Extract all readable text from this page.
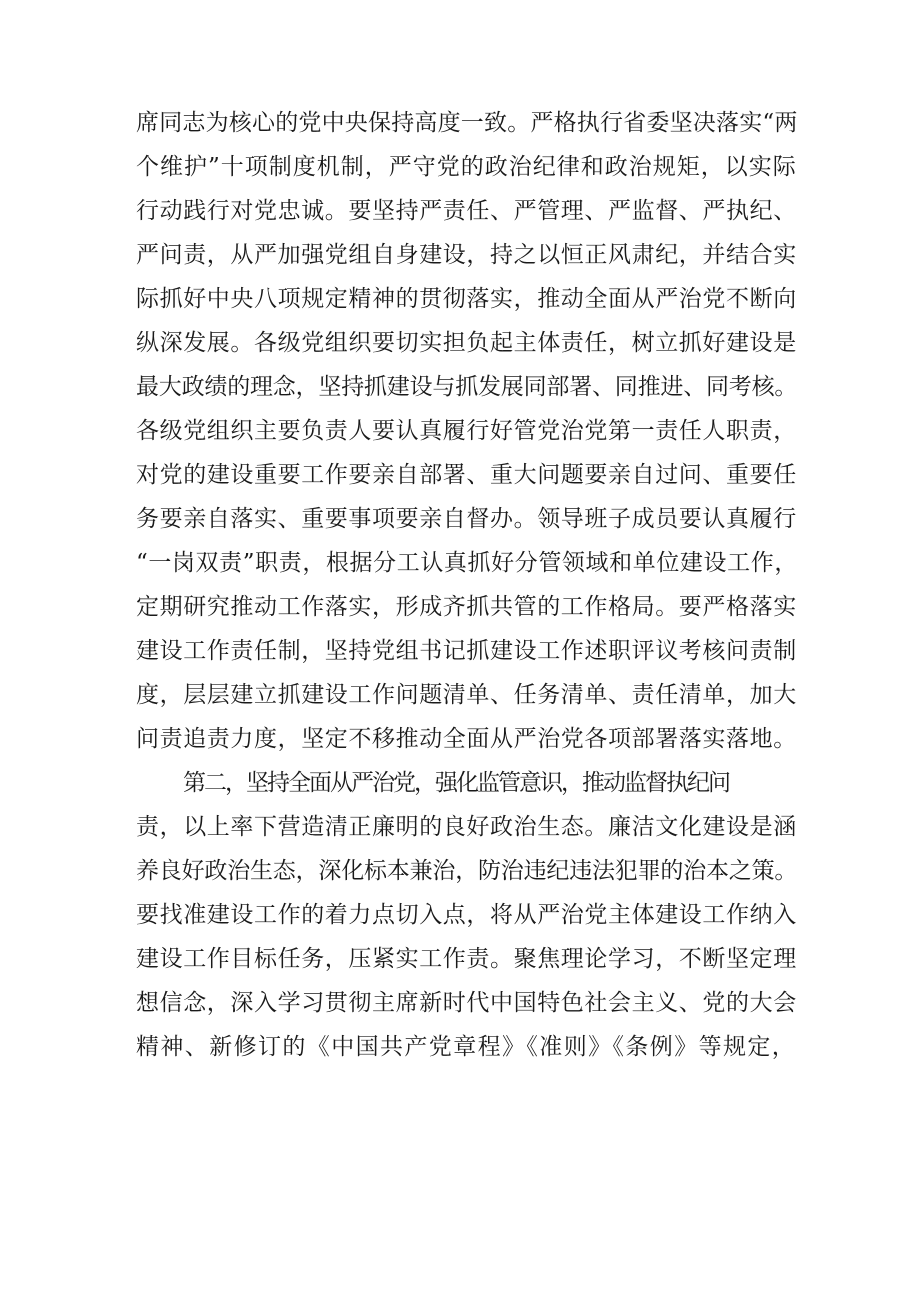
席同志为核心的党中央保持高度一致。严格执行省委坚决落实“两
个维护”十项制度机制，严守党的政治纪律和政治规矩，以实际
行动践行对党忠诚。要坚持严责任、严管理、严监督、严执纪、
严问责，从严加强党组自身建设，持之以恒正风肃纪，并结合实
际抓好中央八项规定精神的贯彻落实，推动全面从严治党不断向
纵深发展。各级党组织要切实担负起主体责任，树立抓好建设是
最大政绩的理念，坚持抓建设与抓发展同部署、同推进、同考核。
各级党组织主要负责人要认真履行好管党治党第一责任人职责，
对党的建设重要工作要亲自部署、重大问题要亲自过问、重要任
务要亲自落实、重要事项要亲自督办。领导班子成员要认真履行
“一岗双责”职责，根据分工认真抓好分管领域和单位建设工作，
定期研究推动工作落实，形成齐抓共管的工作格局。要严格落实
建设工作责任制，坚持党组书记抓建设工作述职评议考核问责制
度，层层建立抓建设工作问题清单、任务清单、责任清单，加大
问责追责力度，坚定不移推动全面从严治党各项部署落实落地。
第二，坚持全面从严治党，强化监管意识，推动监督执纪问
责，以上率下营造清正廉明的良好政治生态。廉洁文化建设是涵
养良好政治生态，深化标本兼治，防治违纪违法犯罪的治本之策。
要找准建设工作的着力点切入点，将从严治党主体建设工作纳入
建设工作目标任务，压紧实工作责。聚焦理论学习，不断坚定理
想信念，深入学习贯彻主席新时代中国特色社会主义、党的大会
精神、新修订的《中国共产党章程》《准则》《条例》等规定，
